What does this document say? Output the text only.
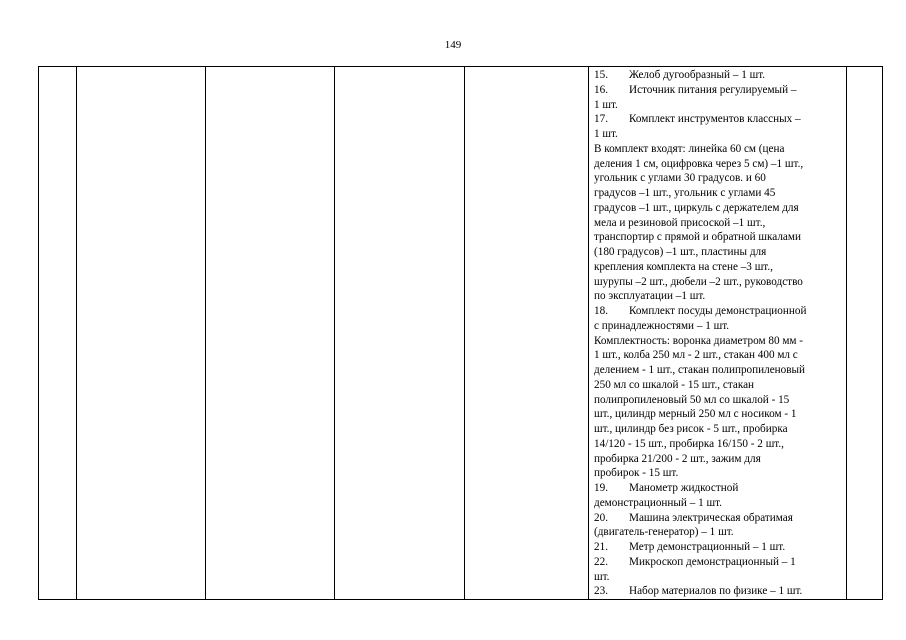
149
15. Желоб дугообразный – 1 шт.
16. Источник питания регулируемый –
1 шт.
17. Комплект инструментов классных –
1 шт.
В комплект входят: линейка 60 см (цена
деления 1 см, оцифровка через 5 см) –1 шт.,
угольник с углами 30 градусов. и 60
градусов –1 шт., угольник с углами 45
градусов –1 шт., циркуль с держателем для
мела и резиновой присоской –1 шт.,
транспортир с прямой и обратной шкалами
(180 градусов) –1 шт., пластины для
крепления комплекта на стене –3 шт.,
шурупы –2 шт., дюбели –2 шт., руководство
по эксплуатации –1 шт.
18. Комплект посуды демонстрационной
с принадлежностями – 1 шт.
Комплектность: воронка диаметром 80 мм -
1 шт., колба 250 мл - 2 шт., стакан 400 мл с
делением - 1 шт., стакан полипропиленовый
250 мл со шкалой - 15 шт., стакан
полипропиленовый 50 мл со шкалой - 15
шт., цилиндр мерный 250 мл с носиком - 1
шт., цилиндр без рисок - 5 шт., пробирка
14/120 - 15 шт., пробирка 16/150 - 2 шт.,
пробирка 21/200 - 2 шт., зажим для
пробирок - 15 шт.
19. Манометр жидкостной
демонстрационный – 1 шт.
20. Машина электрическая обратимая
(двигатель-генератор) – 1 шт.
21. Метр демонстрационный – 1 шт.
22. Микроскоп демонстрационный – 1
шт.
23. Набор материалов по физике – 1 шт.
